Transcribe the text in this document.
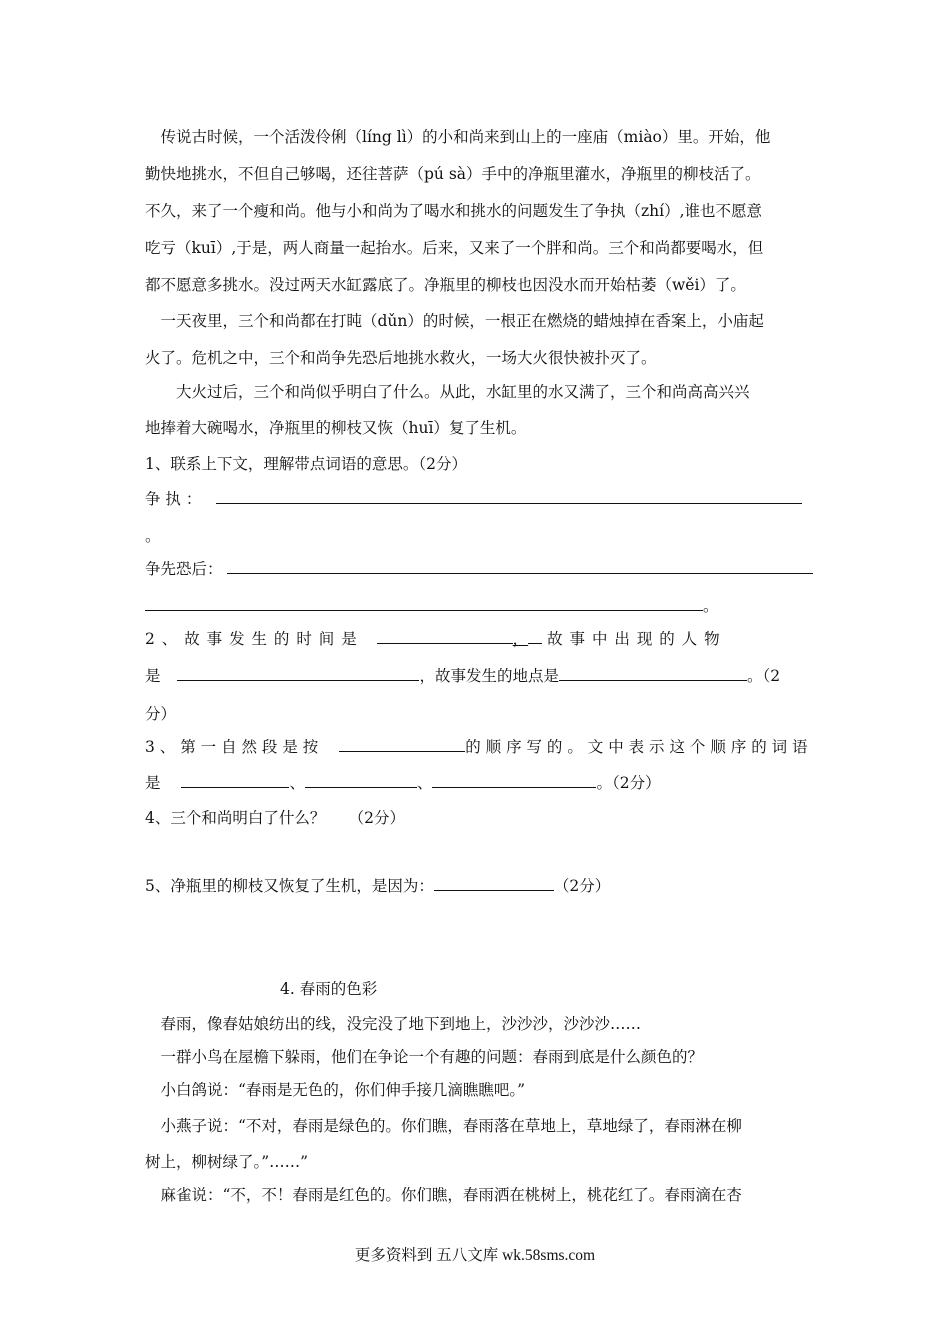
　传说古时候，一个活泼伶俐（líng lì）的小和尚来到山上的一座庙（miào）里。开始，他
勤快地挑水，不但自己够喝，还往菩萨（pú sà）手中的净瓶里灌水，净瓶里的柳枝活了。
不久，来了一个瘦和尚。他与小和尚为了喝水和挑水的问题发生了争执（zhí）,谁也不愿意
吃亏（kuī）,于是，两人商量一起抬水。后来，又来了一个胖和尚。三个和尚都要喝水，但
都不愿意多挑水。没过两天水缸露底了。净瓶里的柳枝也因没水而开始枯萎（wěi）了。
　一天夜里，三个和尚都在打盹（dǔn）的时候，一根正在燃烧的蜡烛掉在香案上，小庙起
火了。危机之中，三个和尚争先恐后地挑水救火，一场大火很快被扑灭了。
　　大火过后，三个和尚似乎明白了什么。从此，水缸里的水又满了，三个和尚高高兴兴
地捧着大碗喝水，净瓶里的柳枝又恢（huī）复了生机。
1、联系上下文，理解带点词语的意思。（2分）
争 执 ：
。
争先恐后：
。
2 、 故 事 发 生 的 时 间 是	， 故 事 中 出 现 的 人 物
是	，故事发生的地点是	。（2
分）
3 、 第 一 自 然 段 是 按	的 顺 序 写 的 。 文 中 表 示 这 个 顺 序 的 词 语
是	、	、	。（2分）
4、三个和尚明白了什么？　　（2分）
5、净瓶里的柳枝又恢复了生机，是因为：	（2分）
4. 春雨的色彩
　春雨，像春姑娘纺出的线，没完没了地下到地上，沙沙沙，沙沙沙……
　一群小鸟在屋檐下躲雨，他们在争论一个有趣的问题：春雨到底是什么颜色的？
　小白鸽说：“春雨是无色的，你们伸手接几滴瞧瞧吧。”
　小燕子说：“不对，春雨是绿色的。你们瞧，春雨落在草地上，草地绿了，春雨淋在柳
树上，柳树绿了。”……”
　麻雀说：“不，不！春雨是红色的。你们瞧，春雨洒在桃树上，桃花红了。春雨滴在杏
更多资料到 五八文库 wk.58sms.com
